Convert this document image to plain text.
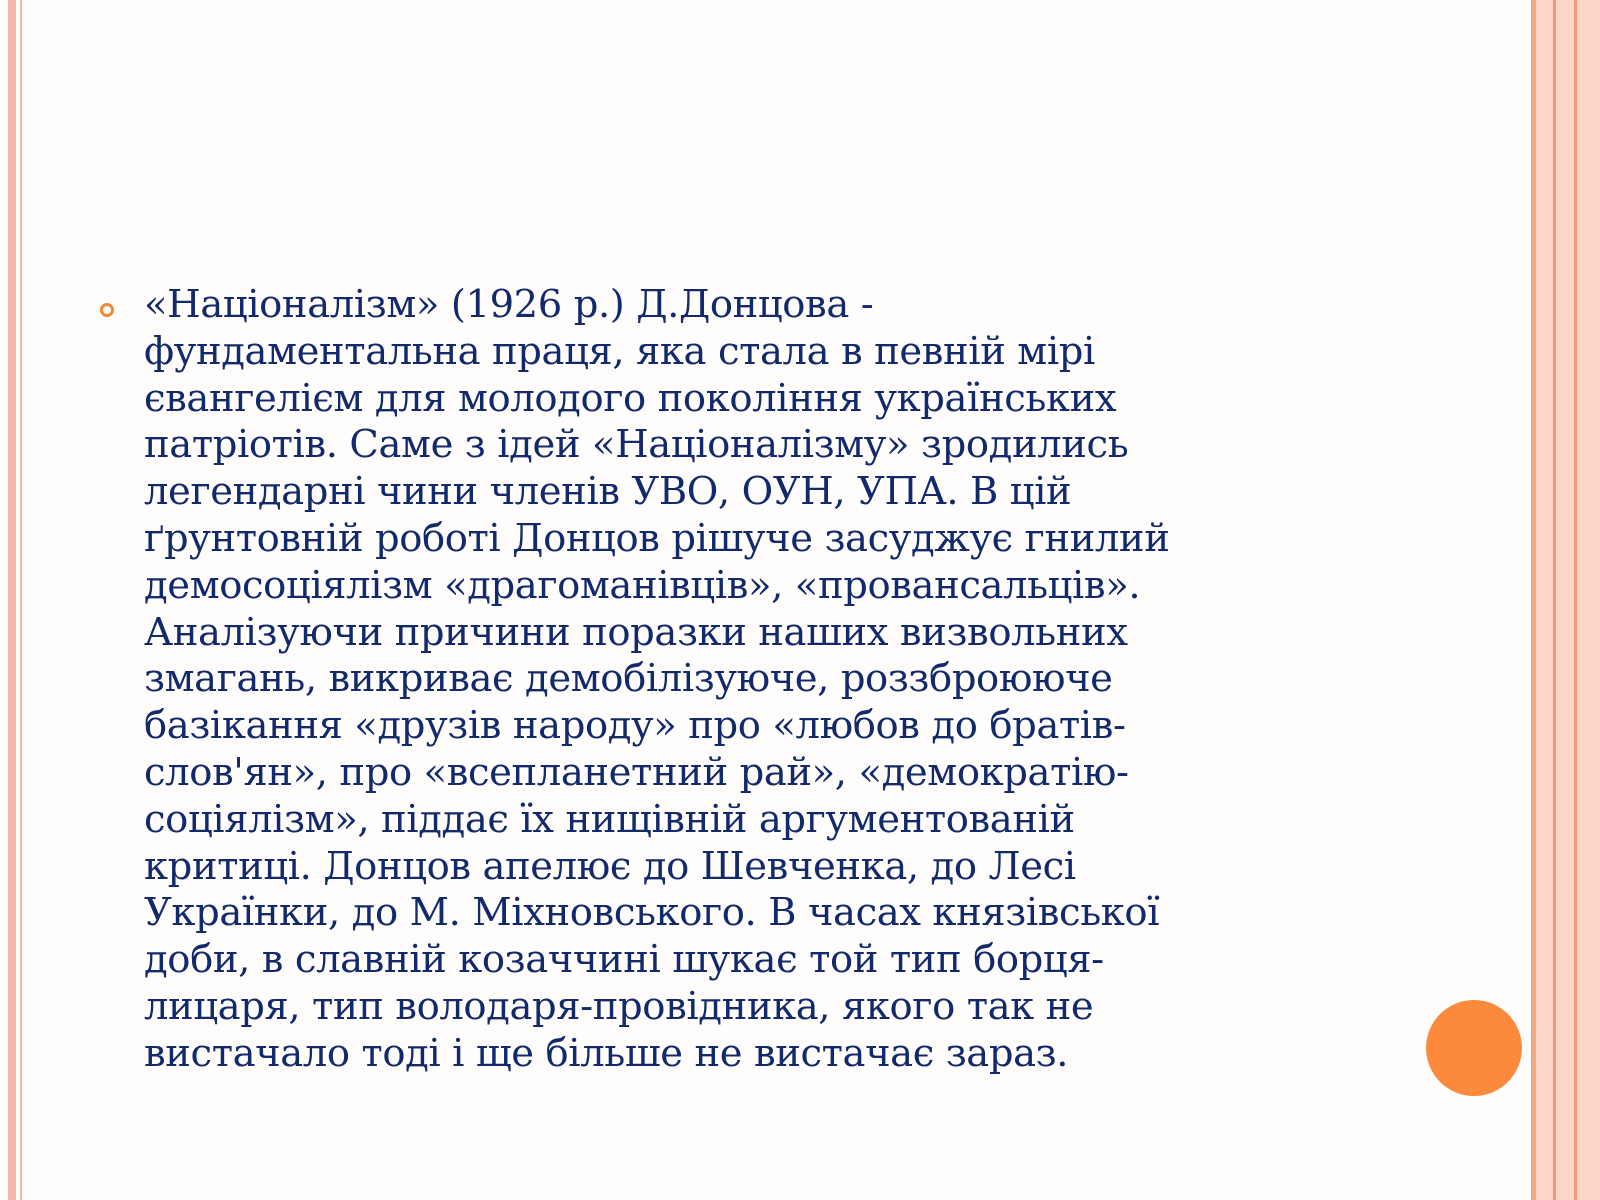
«Націоналізм» (1926 р.) Д.Донцова -
фундаментальна праця, яка стала в певній мірі
євангелієм для молодого покоління українських
патріотів. Саме з ідей «Націоналізму» зродились
легендарні чини членів УВО, ОУН, УПА. В цій
ґрунтовній роботі Донцов рішуче засуджує гнилий
демосоціялізм «драгоманівців», «провансальців».
Аналізуючи причини поразки наших визвольних
змагань, викриває демобілізуюче, роззброююче
базікання «друзів народу» про «любов до братів-
слов'ян», про «всепланетний рай», «демократію-
соціялізм», піддає їх нищівній аргументованій
критиці. Донцов апелює до Шевченка, до Лесі
Українки, до М. Міхновського. В часах князівської
доби, в славній козаччині шукає той тип борця-
лицаря, тип володаря-провідника, якого так не
вистачало тоді і ще більше не вистачає зараз.
